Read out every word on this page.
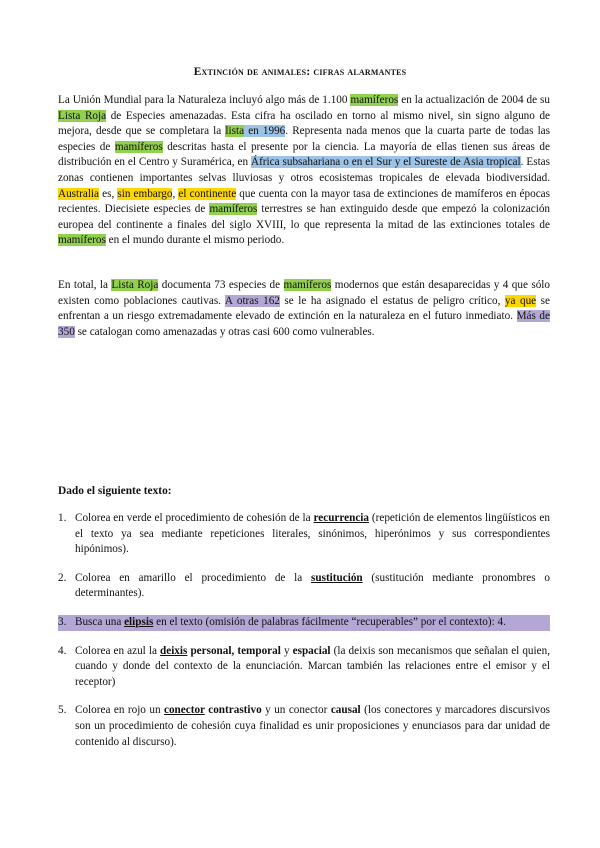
Extinción de animales: cifras alarmantes

La Unión Mundial para la Naturaleza incluyó algo más de 1.100 mamíferos en la actualización de 2004 de su Lista Roja de Especies amenazadas. Esta cifra ha oscilado en torno al mismo nivel, sin signo alguno de mejora, desde que se completara la lista en 1996. Representa nada menos que la cuarta parte de todas las especies de mamíferos descritas hasta el presente por la ciencia. La mayoría de ellas tienen sus áreas de distribución en el Centro y Suramérica, en África subsahariana o en el Sur y el Sureste de Asia tropical. Estas zonas contienen importantes selvas lluviosas y otros ecosistemas tropicales de elevada biodiversidad. Australia es, sin embargo, el continente que cuenta con la mayor tasa de extinciones de mamíferos en épocas recientes. Diecisiete especies de mamíferos terrestres se han extinguido desde que empezó la colonización europea del continente a finales del siglo XVIII, lo que representa la mitad de las extinciones totales de mamíferos en el mundo durante el mismo periodo.

En total, la Lista Roja documenta 73 especies de mamíferos modernos que están desaparecidas y 4 que sólo existen como poblaciones cautivas. A otras 162 se le ha asignado el estatus de peligro crítico, ya que se enfrentan a un riesgo extremadamente elevado de extinción en la naturaleza en el futuro inmediato. Más de 350 se catalogan como amenazadas y otras casi 600 como vulnerables.

Dado el siguiente texto:

1. Colorea en verde el procedimiento de cohesión de la recurrencia (repetición de elementos lingüísticos en el texto ya sea mediante repeticiones literales, sinónimos, hiperónimos y sus correspondientes hipónimos).
2. Colorea en amarillo el procedimiento de la sustitución (sustitución mediante pronombres o determinantes).
3. Busca una elipsis en el texto (omisión de palabras fácilmente “recuperables” por el contexto): 4.
4. Colorea en azul la deixis personal, temporal y espacial (la deixis son mecanismos que señalan el quien, cuando y donde del contexto de la enunciación. Marcan también las relaciones entre el emisor y el receptor)
5. Colorea en rojo un conector contrastivo y un conector causal (los conectores y marcadores discursivos son un procedimiento de cohesión cuya finalidad es unir proposiciones y enunciasos para dar unidad de contenido al discurso).
